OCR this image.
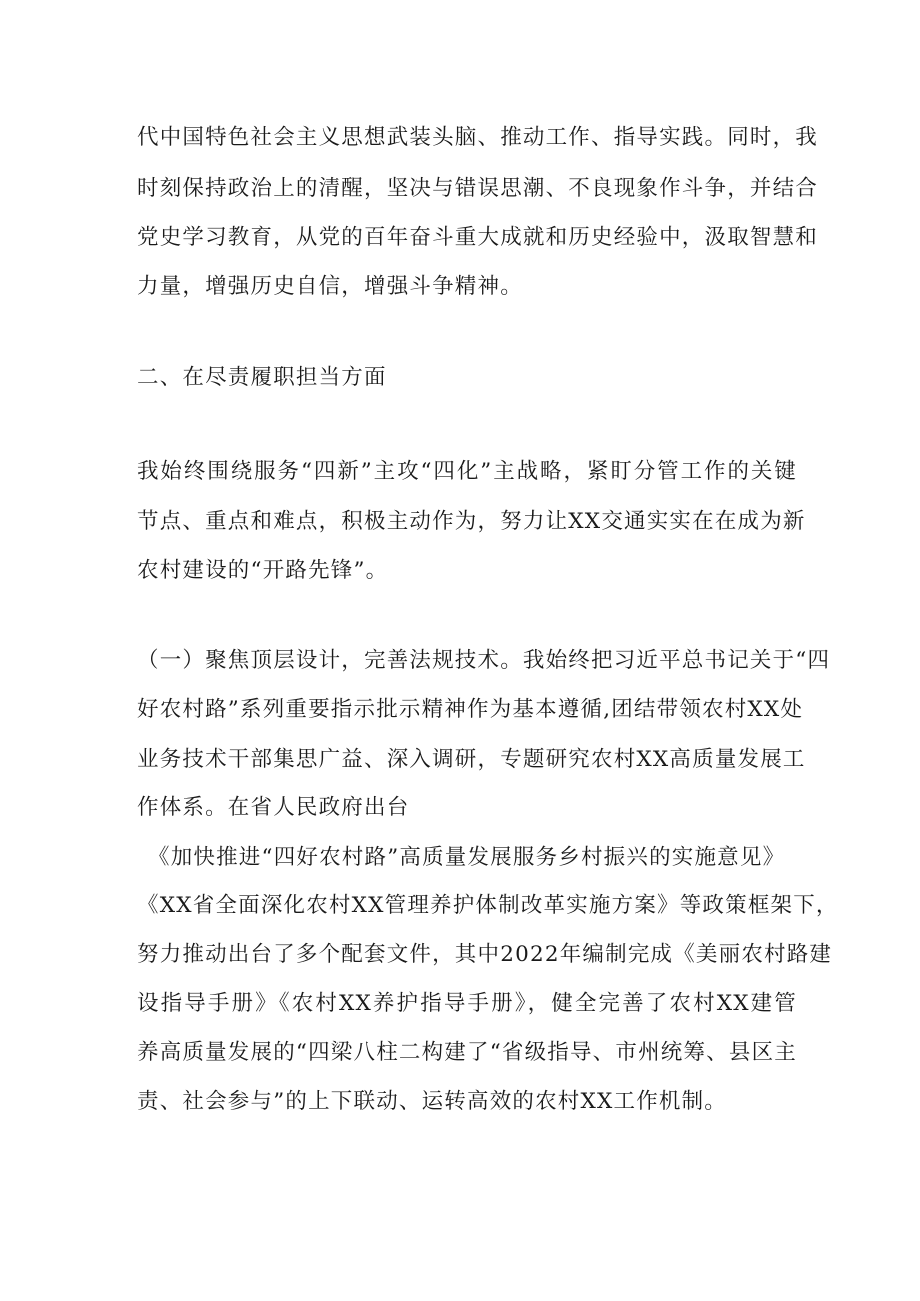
代中国特色社会主义思想武装头脑、推动工作、指导实践。同时，我
时刻保持政治上的清醒，坚决与错误思潮、不良现象作斗争，并结合
党史学习教育，从党的百年奋斗重大成就和历史经验中，汲取智慧和
力量，增强历史自信，增强斗争精神。
二、在尽责履职担当方面
我始终围绕服务“四新”主攻“四化”主战略，紧盯分管工作的关键
节点、重点和难点，积极主动作为，努力让XX交通实实在在成为新
农村建设的“开路先锋”。
（一）聚焦顶层设计，完善法规技术。我始终把习近平总书记关于“四
好农村路”系列重要指示批示精神作为基本遵循,团结带领农村XX处
业务技术干部集思广益、深入调研，专题研究农村XX高质量发展工
作体系。在省人民政府出台
《加快推进“四好农村路”高质量发展服务乡村振兴的实施意见》
《XX省全面深化农村XX管理养护体制改革实施方案》等政策框架下，
努力推动出台了多个配套文件，其中2022年编制完成《美丽农村路建
设指导手册》《农村XX养护指导手册》，健全完善了农村XX建管
养高质量发展的“四梁八柱二构建了“省级指导、市州统筹、县区主
责、社会参与”的上下联动、运转高效的农村XX工作机制。
